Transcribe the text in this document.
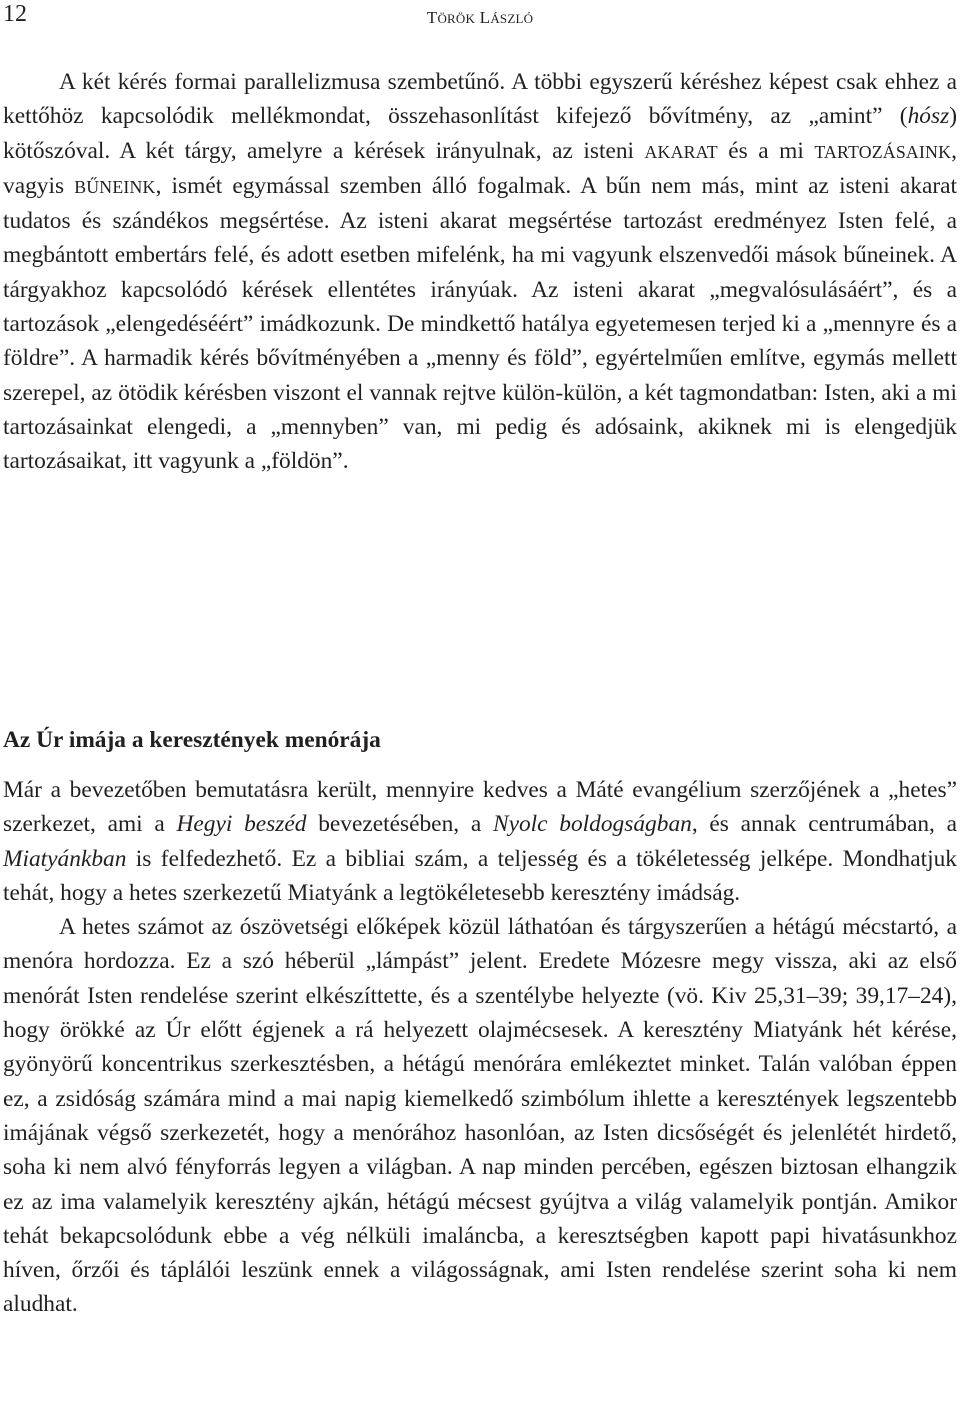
12	TÖRÖK LÁSZLÓ

A két kérés formai parallelizmusa szembetűnő. A többi egyszerű kéréshez képest csak ehhez a kettőhöz kapcsolódik mellékmondat, összehasonlítást kifejező bővítmény, az „amint” (hósz) kötőszóval. A két tárgy, amelyre a kérések irányulnak, az isteni AKARAT és a mi TARTOZÁSAINK, vagyis BŰNEINK, ismét egymással szemben álló fogalmak. A bűn nem más, mint az isteni akarat tudatos és szándékos megsértése. Az isteni akarat megsértése tartozást eredményez Isten felé, a megbántott embertárs felé, és adott esetben mifelénk, ha mi vagyunk elszenvedői mások bűneinek. A tárgyakhoz kapcsolódó kérések ellentétes irányúak. Az isteni akarat „megvalósulásáért”, és a tartozások „elengedéséért” imádkozunk. De mindkettő hatálya egyetemesen terjed ki a „mennyre és a földre”. A harmadik kérés bővítményében a „menny és föld”, egyértelműen említve, egymás mellett szerepel, az ötödik kérésben viszont el vannak rejtve külön-külön, a két tagmondatban: Isten, aki a mi tartozásainkat elengedi, a „mennyben” van, mi pedig és adósaink, akiknek mi is elengedjük tartozásaikat, itt vagyunk a „földön”.

Az Úr imája a keresztények menórája

Már a bevezetőben bemutatásra került, mennyire kedves a Máté evangélium szerzőjének a „hetes” szerkezet, ami a Hegyi beszéd bevezetésében, a Nyolc boldogságban, és annak centrumában, a Miatyánkban is felfedezhető. Ez a bibliai szám, a teljesség és a tökéletesség jelképe. Mondhatjuk tehát, hogy a hetes szerkezetű Miatyánk a legtökéletesebb keresztény imádság.

A hetes számot az ószövetségi előképek közül láthatóan és tárgyszerűen a hétágú mécstartó, a menóra hordozza. Ez a szó héberül „lámpást” jelent. Eredete Mózesre megy vissza, aki az első menórát Isten rendelése szerint elkészíttette, és a szentélybe helyezte (vö. Kiv 25,31–39; 39,17–24), hogy örökké az Úr előtt égjenek a rá helyezett olajmécsesek. A keresztény Miatyánk hét kérése, gyönyörű koncentrikus szerkesztésben, a hétágú menórára emlékeztet minket. Talán valóban éppen ez, a zsidóság számára mind a mai napig kiemelkedő szimbólum ihlette a keresztények legszentebb imájának végső szerkezetét, hogy a menórához hasonlóan, az Isten dicsőségét és jelenlétét hirdető, soha ki nem alvó fényforrás legyen a világban. A nap minden percében, egészen biztosan elhangzik ez az ima valamelyik keresztény ajkán, hétágú mécsest gyújtva a világ valamelyik pontján. Amikor tehát bekapcsolódunk ebbe a vég nélküli imaláncba, a keresztségben kapott papi hivatásunkhoz híven, őrzői és táplálói leszünk ennek a világosságnak, ami Isten rendelése szerint soha ki nem aludhat.
